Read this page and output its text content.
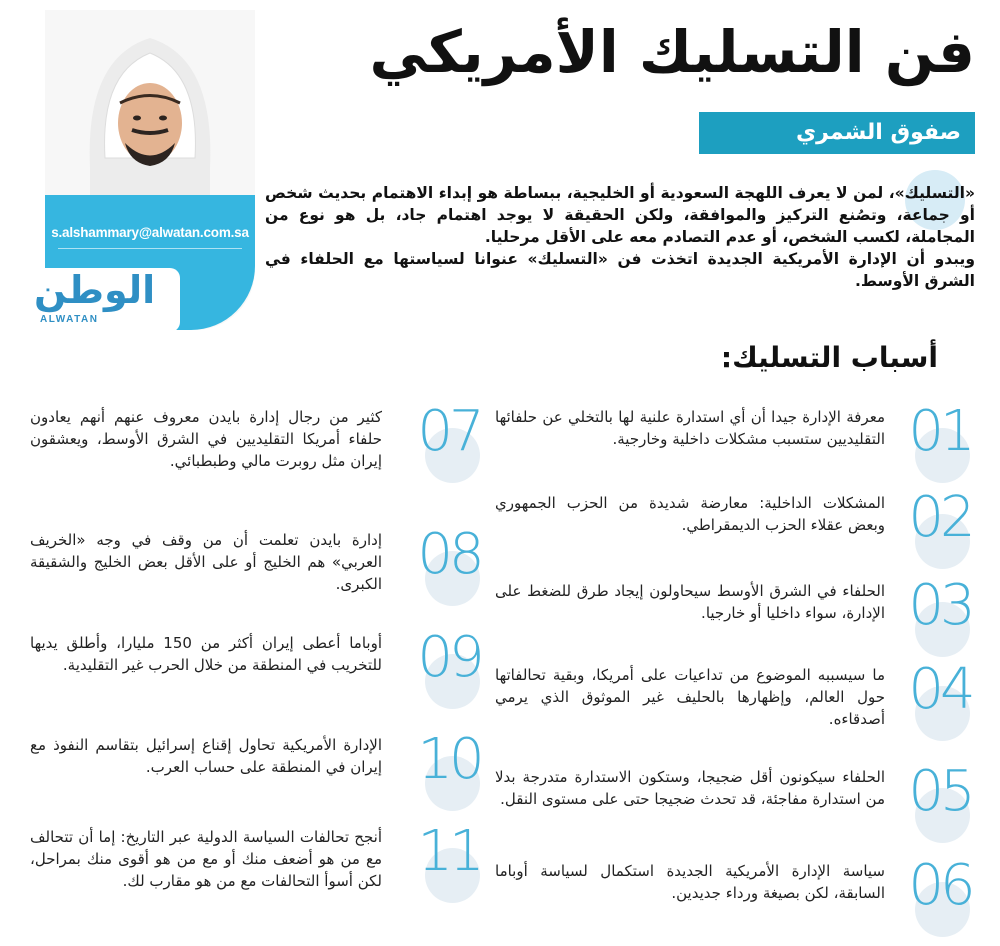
فن التسليك الأمريكي
صفوق الشمري
s.alshammary@alwatan.com.sa
الوطن
ALWATAN

«التسليك»، لمن لا يعرف اللهجة السعودية أو الخليجية، ببساطة هو إبداء الاهتمام بحديث شخص أو جماعة، وتصُنع التركيز والموافقة، ولكن الحقيقة لا يوجد اهتمام جاد، بل هو نوع من المجاملة، لكسب الشخص، أو عدم التصادم معه على الأقل مرحليا.

ويبدو أن الإدارة الأمريكية الجديدة اتخذت فن «التسليك» عنوانا لسياستها مع الحلفاء في الشرق الأوسط.

أسباب التسليك:
01
معرفة الإدارة جيدا أن أي استدارة علنية لها بالتخلي عن حلفائها التقليديين ستسبب مشكلات داخلية وخارجية.
02
المشكلات الداخلية: معارضة شديدة من الحزب الجمهوري وبعض عقلاء الحزب الديمقراطي.
03
الحلفاء في الشرق الأوسط سيحاولون إيجاد طرق للضغط على الإدارة، سواء داخليا أو خارجيا.
04
ما سيسببه الموضوع من تداعيات على أمريكا، وبقية تحالفاتها حول العالم، وإظهارها بالحليف غير الموثوق الذي يرمي أصدقاءه.
05
الحلفاء سيكونون أقل ضجيجا، وستكون الاستدارة متدرجة بدلا من استدارة مفاجئة، قد تحدث ضجيجا حتى على مستوى النقل.
06
سياسة الإدارة الأمريكية الجديدة استكمال لسياسة أوباما السابقة، لكن بصيغة ورداء جديدين.
07
كثير من رجال إدارة بايدن معروف عنهم أنهم يعادون حلفاء أمريكا التقليديين في الشرق الأوسط، ويعشقون إيران مثل روبرت مالي وطبطبائي.
08
إدارة بايدن تعلمت أن من وقف في وجه «الخريف العربي» هم الخليج أو على الأقل بعض الخليج والشقيقة الكبرى.
09
أوباما أعطى إيران أكثر من 150 مليارا، وأطلق يديها للتخريب في المنطقة من خلال الحرب غير التقليدية.
10
الإدارة الأمريكية تحاول إقناع إسرائيل بتقاسم النفوذ مع إيران في المنطقة على حساب العرب.
11
أنجح تحالفات السياسة الدولية عبر التاريخ: إما أن تتحالف مع من هو أضعف منك أو مع من هو أقوى منك بمراحل، لكن أسوأ التحالفات مع من هو مقارب لك.
